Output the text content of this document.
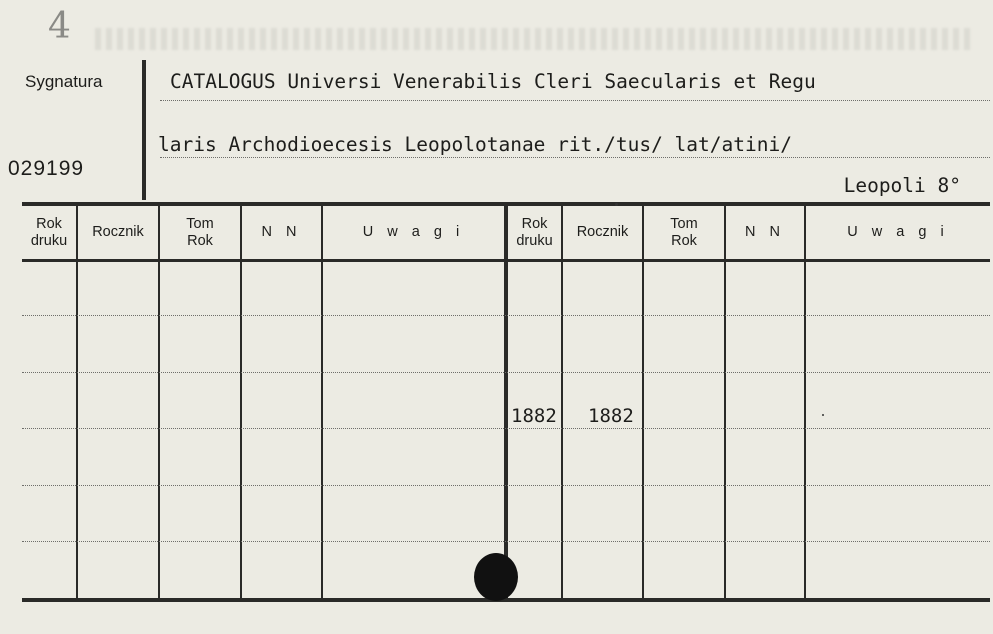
4
Sygnatura
029199
CATALOGUS Universi Venerabilis Cleri Saecularis et Regu
laris Archodioecesis Leopolotanae rit./tus/ lat/atini/
Leopoli 8°
Rok
druku
Rocznik
Tom
Rok
N N	U w a g i
Rok
druku
Rocznik
Tom
Rok
N N	U w a g i
1882 1882
